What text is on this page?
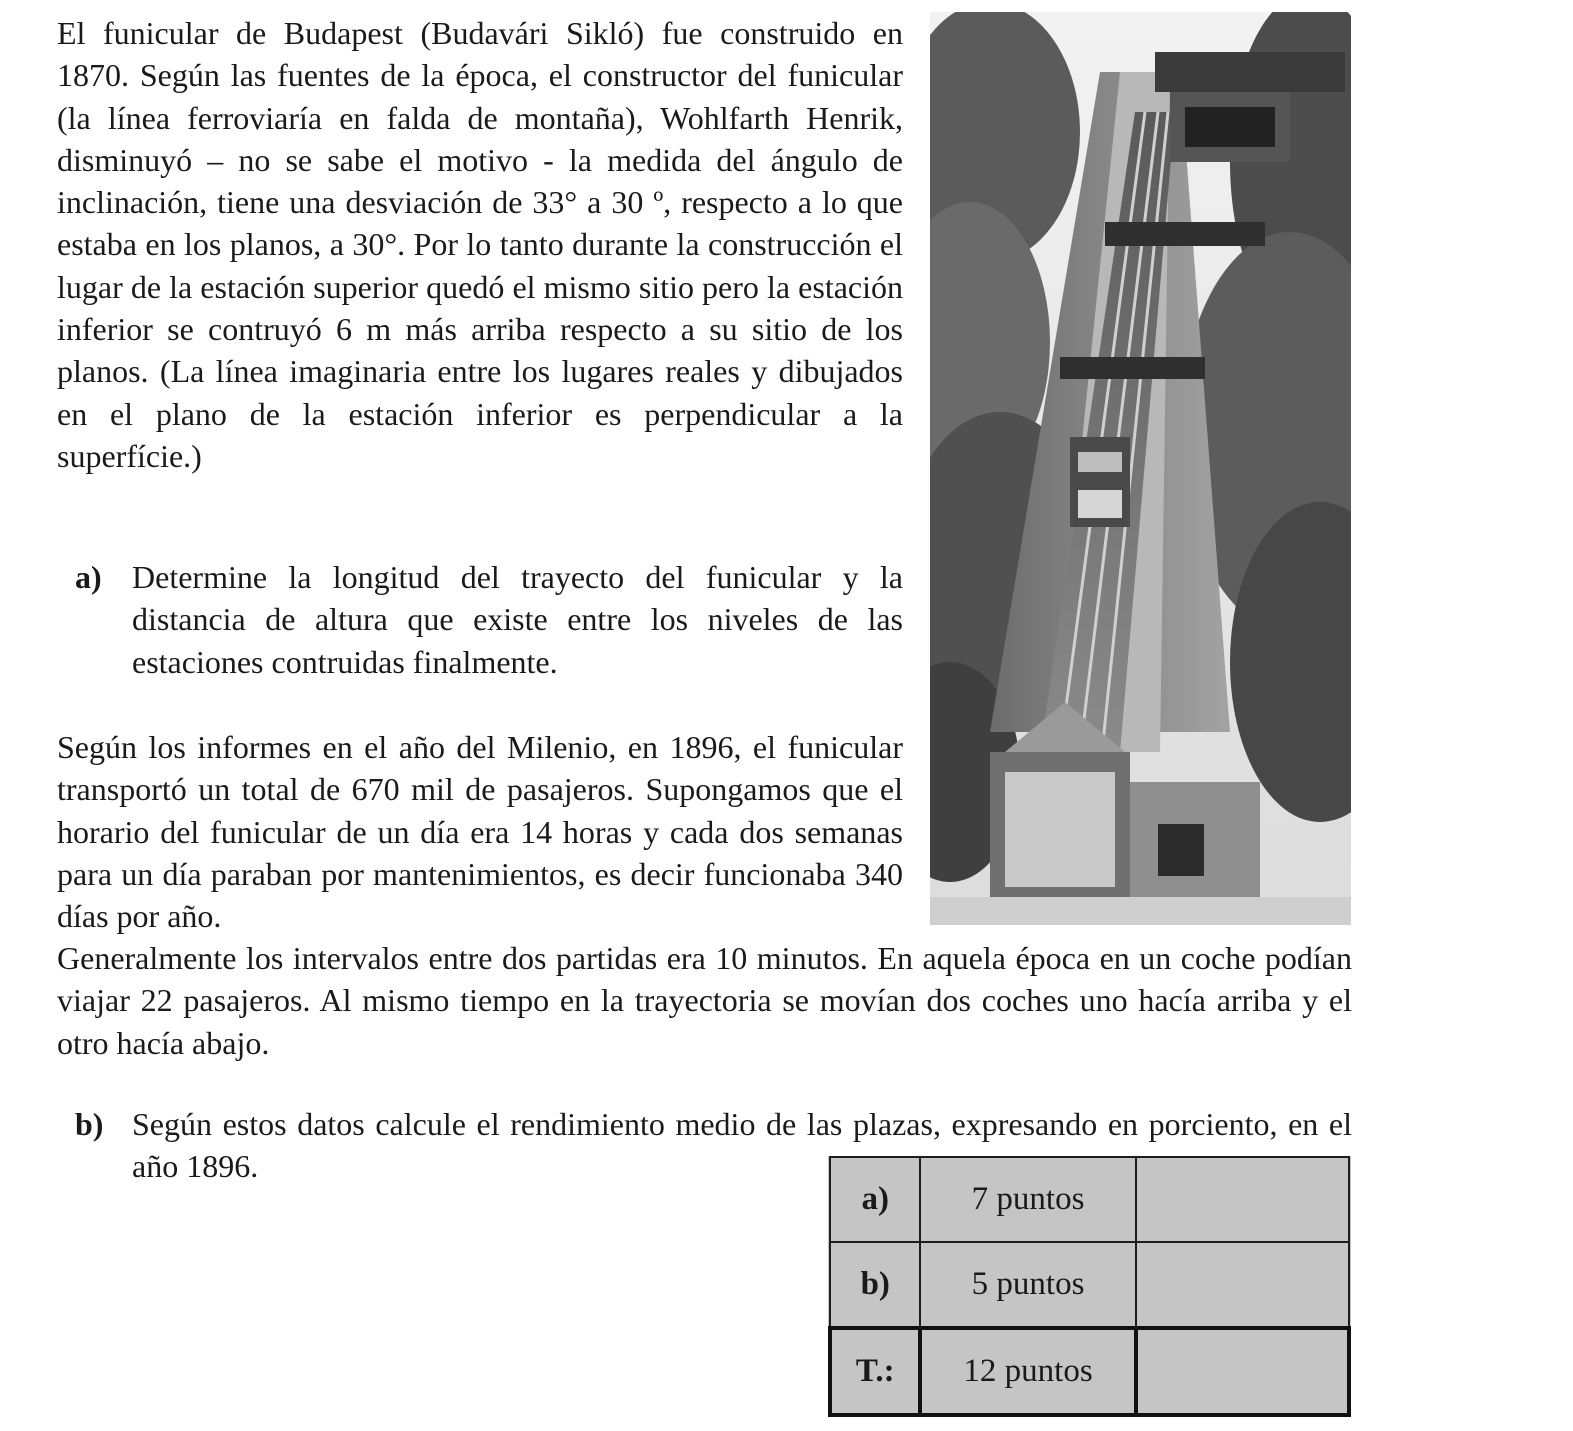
El funicular de Budapest (Budavári Sikló) fue construido en 1870. Según las fuentes de la época, el constructor del funicular (la línea ferroviaría en falda de montaña), Wohlfarth Henrik, disminuyó – no se sabe el motivo - la medida del ángulo de inclinación, tiene una desviación de 33° a 30 º, respecto a lo que estaba en los planos, a 30°. Por lo tanto durante la construcción el lugar de la estación superior quedó el mismo sitio pero la estación inferior se contruyó 6 m más arriba respecto a su sitio de los planos. (La línea imaginaria entre los lugares reales y dibujados en el plano de la estación inferior es perpendicular a la superfície.)

a) Determine la longitud del trayecto del funicular y la distancia de altura que existe entre los niveles de las estaciones contruidas finalmente.

Según los informes en el año del Milenio, en 1896, el funicular transportó un total de 670 mil de pasajeros. Supongamos que el horario del funicular de un día era 14 horas y cada dos semanas para un día paraban por mantenimientos, es decir funcionaba 340 días por año.

Generalmente los intervalos entre dos partidas era 10 minutos. En aquela época en un coche podían viajar 22 pasajeros. Al mismo tiempo en la trayectoria se movían dos coches uno hacía arriba y el otro hacía abajo.

b) Según estos datos calcule el rendimiento medio de las plazas, expresando en porciento, en el año 1896.

a)	7 puntos	
b)	5 puntos	
T.:	12 puntos	
